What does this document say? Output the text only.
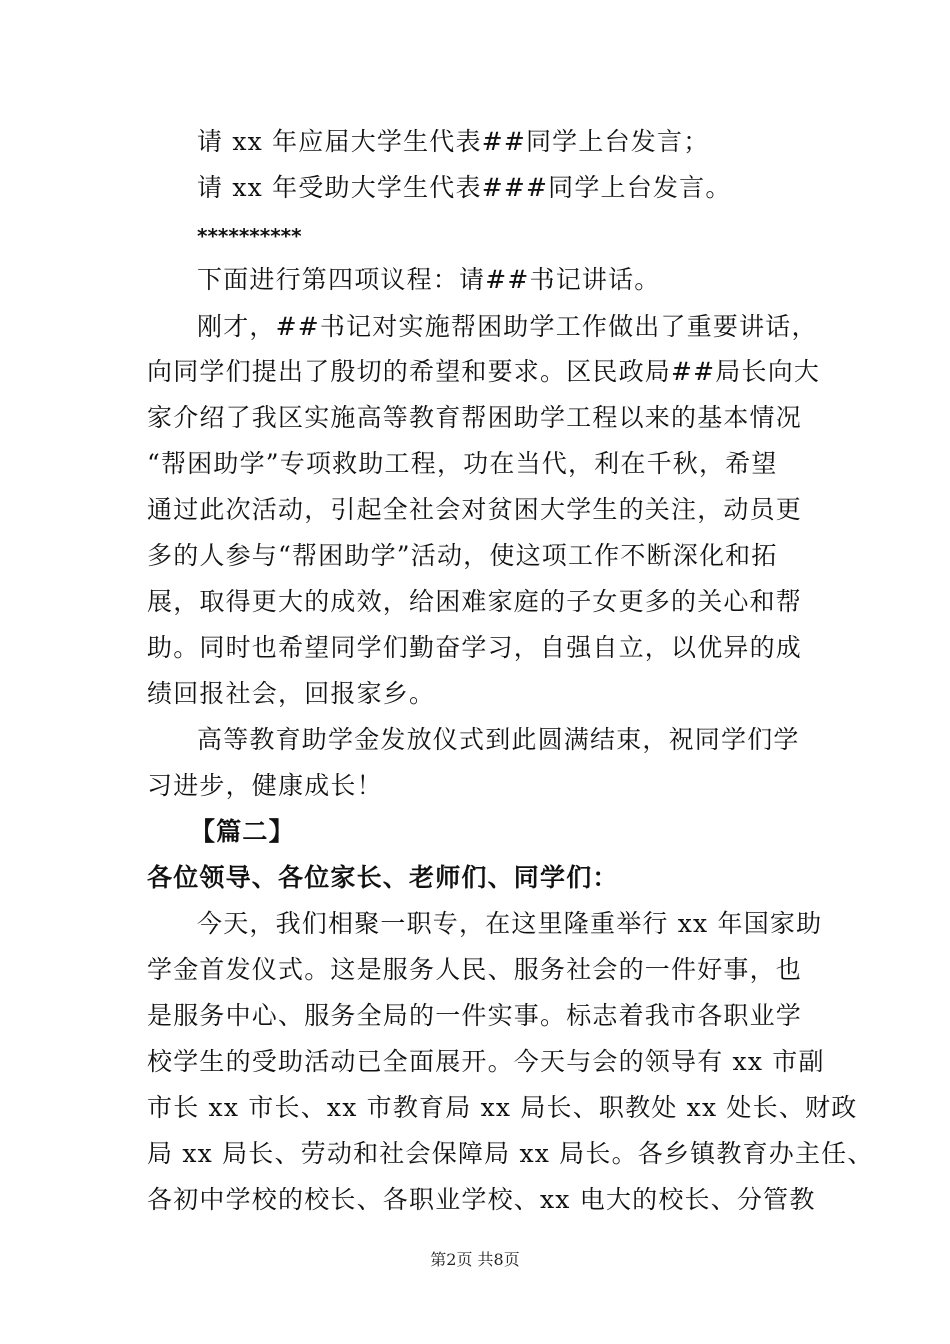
请 xx 年应届大学生代表##同学上台发言；
请 xx 年受助大学生代表###同学上台发言。
**********
下面进行第四项议程：请##书记讲话。
刚才，##书记对实施帮困助学工作做出了重要讲话，
向同学们提出了殷切的希望和要求。区民政局##局长向大
家介绍了我区实施高等教育帮困助学工程以来的基本情况
“帮困助学”专项救助工程，功在当代，利在千秋，希望
通过此次活动，引起全社会对贫困大学生的关注，动员更
多的人参与“帮困助学”活动，使这项工作不断深化和拓
展，取得更大的成效，给困难家庭的子女更多的关心和帮
助。同时也希望同学们勤奋学习，自强自立，以优异的成
绩回报社会，回报家乡。
高等教育助学金发放仪式到此圆满结束，祝同学们学
习进步，健康成长！
【篇二】
各位领导、各位家长、老师们、同学们：
今天，我们相聚一职专，在这里隆重举行 xx 年国家助
学金首发仪式。这是服务人民、服务社会的一件好事，也
是服务中心、服务全局的一件实事。标志着我市各职业学
校学生的受助活动已全面展开。今天与会的领导有 xx 市副
市长 xx 市长、xx 市教育局 xx 局长、职教处 xx 处长、财政
局 xx 局长、劳动和社会保障局 xx 局长。各乡镇教育办主任、
各初中学校的校长、各职业学校、xx 电大的校长、分管教
第2页 共8页
